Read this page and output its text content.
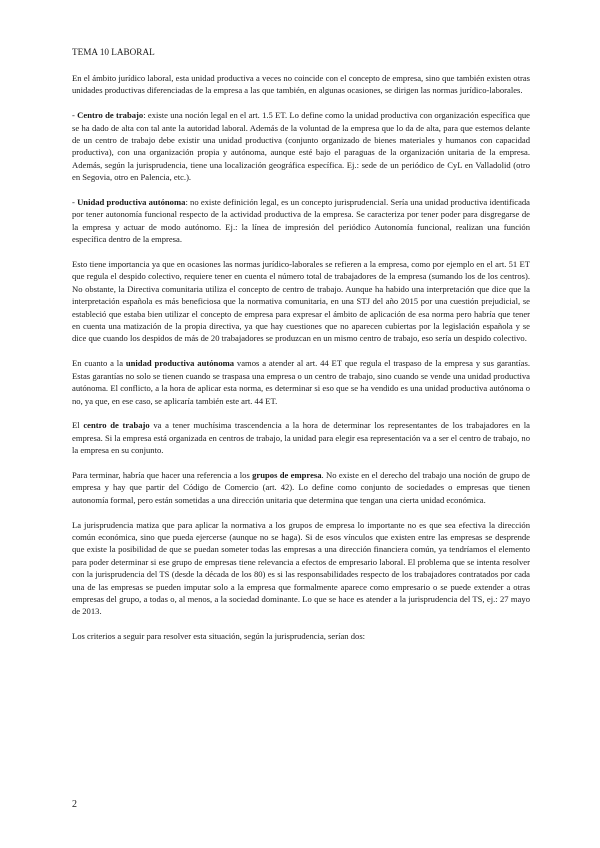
TEMA 10 LABORAL

En el ámbito jurídico laboral, esta unidad productiva a veces no coincide con el concepto de empresa, sino que también existen otras unidades productivas diferenciadas de la empresa a las que también, en algunas ocasiones, se dirigen las normas jurídico-laborales.

- Centro de trabajo: existe una noción legal en el art. 1.5 ET. Lo define como la unidad productiva con organización específica que se ha dado de alta con tal ante la autoridad laboral. Además de la voluntad de la empresa que lo da de alta, para que estemos delante de un centro de trabajo debe existir una unidad productiva (conjunto organizado de bienes materiales y humanos con capacidad productiva), con una organización propia y autónoma, aunque esté bajo el paraguas de la organización unitaria de la empresa. Además, según la jurisprudencia, tiene una localización geográfica específica. Ej.: sede de un periódico de CyL en Valladolid (otro en Segovia, otro en Palencia, etc.).

- Unidad productiva autónoma: no existe definición legal, es un concepto jurisprudencial. Sería una unidad productiva identificada por tener autonomía funcional respecto de la actividad productiva de la empresa. Se caracteriza por tener poder para disgregarse de la empresa y actuar de modo autónomo. Ej.: la línea de impresión del periódico Autonomía funcional, realizan una función específica dentro de la empresa.

Esto tiene importancia ya que en ocasiones las normas jurídico-laborales se refieren a la empresa, como por ejemplo en el art. 51 ET que regula el despido colectivo, requiere tener en cuenta el número total de trabajadores de la empresa (sumando los de los centros). No obstante, la Directiva comunitaria utiliza el concepto de centro de trabajo. Aunque ha habido una interpretación que dice que la interpretación española es más beneficiosa que la normativa comunitaria, en una STJ del año 2015 por una cuestión prejudicial, se estableció que estaba bien utilizar el concepto de empresa para expresar el ámbito de aplicación de esa norma pero habría que tener en cuenta una matización de la propia directiva, ya que hay cuestiones que no aparecen cubiertas por la legislación española y se dice que cuando los despidos de más de 20 trabajadores se produzcan en un mismo centro de trabajo, eso sería un despido colectivo.

En cuanto a la unidad productiva autónoma vamos a atender al art. 44 ET que regula el traspaso de la empresa y sus garantías. Estas garantías no solo se tienen cuando se traspasa una empresa o un centro de trabajo, sino cuando se vende una unidad productiva autónoma. El conflicto, a la hora de aplicar esta norma, es determinar si eso que se ha vendido es una unidad productiva autónoma o no, ya que, en ese caso, se aplicaría también este art. 44 ET.

El centro de trabajo va a tener muchísima trascendencia a la hora de determinar los representantes de los trabajadores en la empresa. Si la empresa está organizada en centros de trabajo, la unidad para elegir esa representación va a ser el centro de trabajo, no la empresa en su conjunto.

Para terminar, habría que hacer una referencia a los grupos de empresa. No existe en el derecho del trabajo una noción de grupo de empresa y hay que partir del Código de Comercio (art. 42). Lo define como conjunto de sociedades o empresas que tienen autonomía formal, pero están sometidas a una dirección unitaria que determina que tengan una cierta unidad económica.

La jurisprudencia matiza que para aplicar la normativa a los grupos de empresa lo importante no es que sea efectiva la dirección común económica, sino que pueda ejercerse (aunque no se haga). Si de esos vínculos que existen entre las empresas se desprende que existe la posibilidad de que se puedan someter todas las empresas a una dirección financiera común, ya tendríamos el elemento para poder determinar si ese grupo de empresas tiene relevancia a efectos de empresario laboral. El problema que se intenta resolver con la jurisprudencia del TS (desde la década de los 80) es si las responsabilidades respecto de los trabajadores contratados por cada una de las empresas se pueden imputar solo a la empresa que formalmente aparece como empresario o se puede extender a otras empresas del grupo, a todas o, al menos, a la sociedad dominante. Lo que se hace es atender a la jurisprudencia del TS, ej.: 27 mayo de 2013.

Los criterios a seguir para resolver esta situación, según la jurisprudencia, serían dos:

2
